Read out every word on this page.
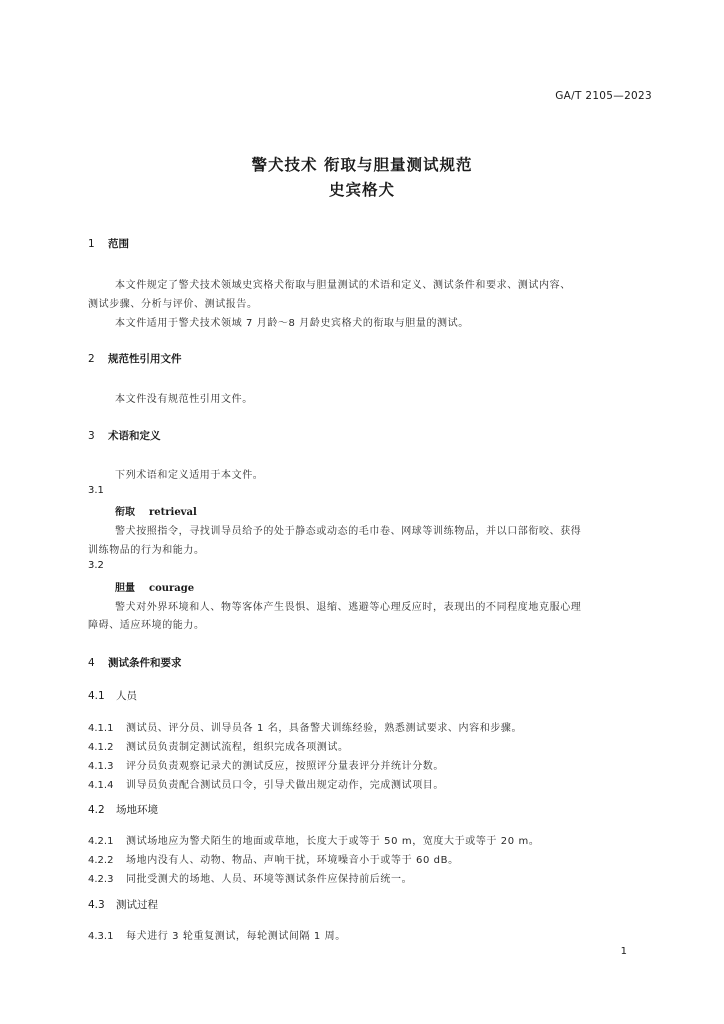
GA/T 2105—2023
警犬技术 衔取与胆量测试规范
史宾格犬
1 范围
本文件规定了警犬技术领域史宾格犬衔取与胆量测试的术语和定义、测试条件和要求、测试内容、
测试步骤、分析与评价、测试报告。
本文件适用于警犬技术领域 7 月龄～8 月龄史宾格犬的衔取与胆量的测试。
2 规范性引用文件
本文件没有规范性引用文件。
3 术语和定义
下列术语和定义适用于本文件。
3.1
衔取 retrieval
警犬按照指令，寻找训导员给予的处于静态或动态的毛巾卷、网球等训练物品，并以口部衔咬、获得
训练物品的行为和能力。
3.2
胆量 courage
警犬对外界环境和人、物等客体产生畏惧、退缩、逃避等心理反应时，表现出的不同程度地克服心理
障碍、适应环境的能力。
4 测试条件和要求
4.1 人员
4.1.1 测试员、评分员、训导员各 1 名，具备警犬训练经验，熟悉测试要求、内容和步骤。
4.1.2 测试员负责制定测试流程，组织完成各项测试。
4.1.3 评分员负责观察记录犬的测试反应，按照评分量表评分并统计分数。
4.1.4 训导员负责配合测试员口令，引导犬做出规定动作，完成测试项目。
4.2 场地环境
4.2.1 测试场地应为警犬陌生的地面或草地，长度大于或等于 50 m，宽度大于或等于 20 m。
4.2.2 场地内没有人、动物、物品、声响干扰，环境噪音小于或等于 60 dB。
4.2.3 同批受测犬的场地、人员、环境等测试条件应保持前后统一。
4.3 测试过程
4.3.1 每犬进行 3 轮重复测试，每轮测试间隔 1 周。
1
